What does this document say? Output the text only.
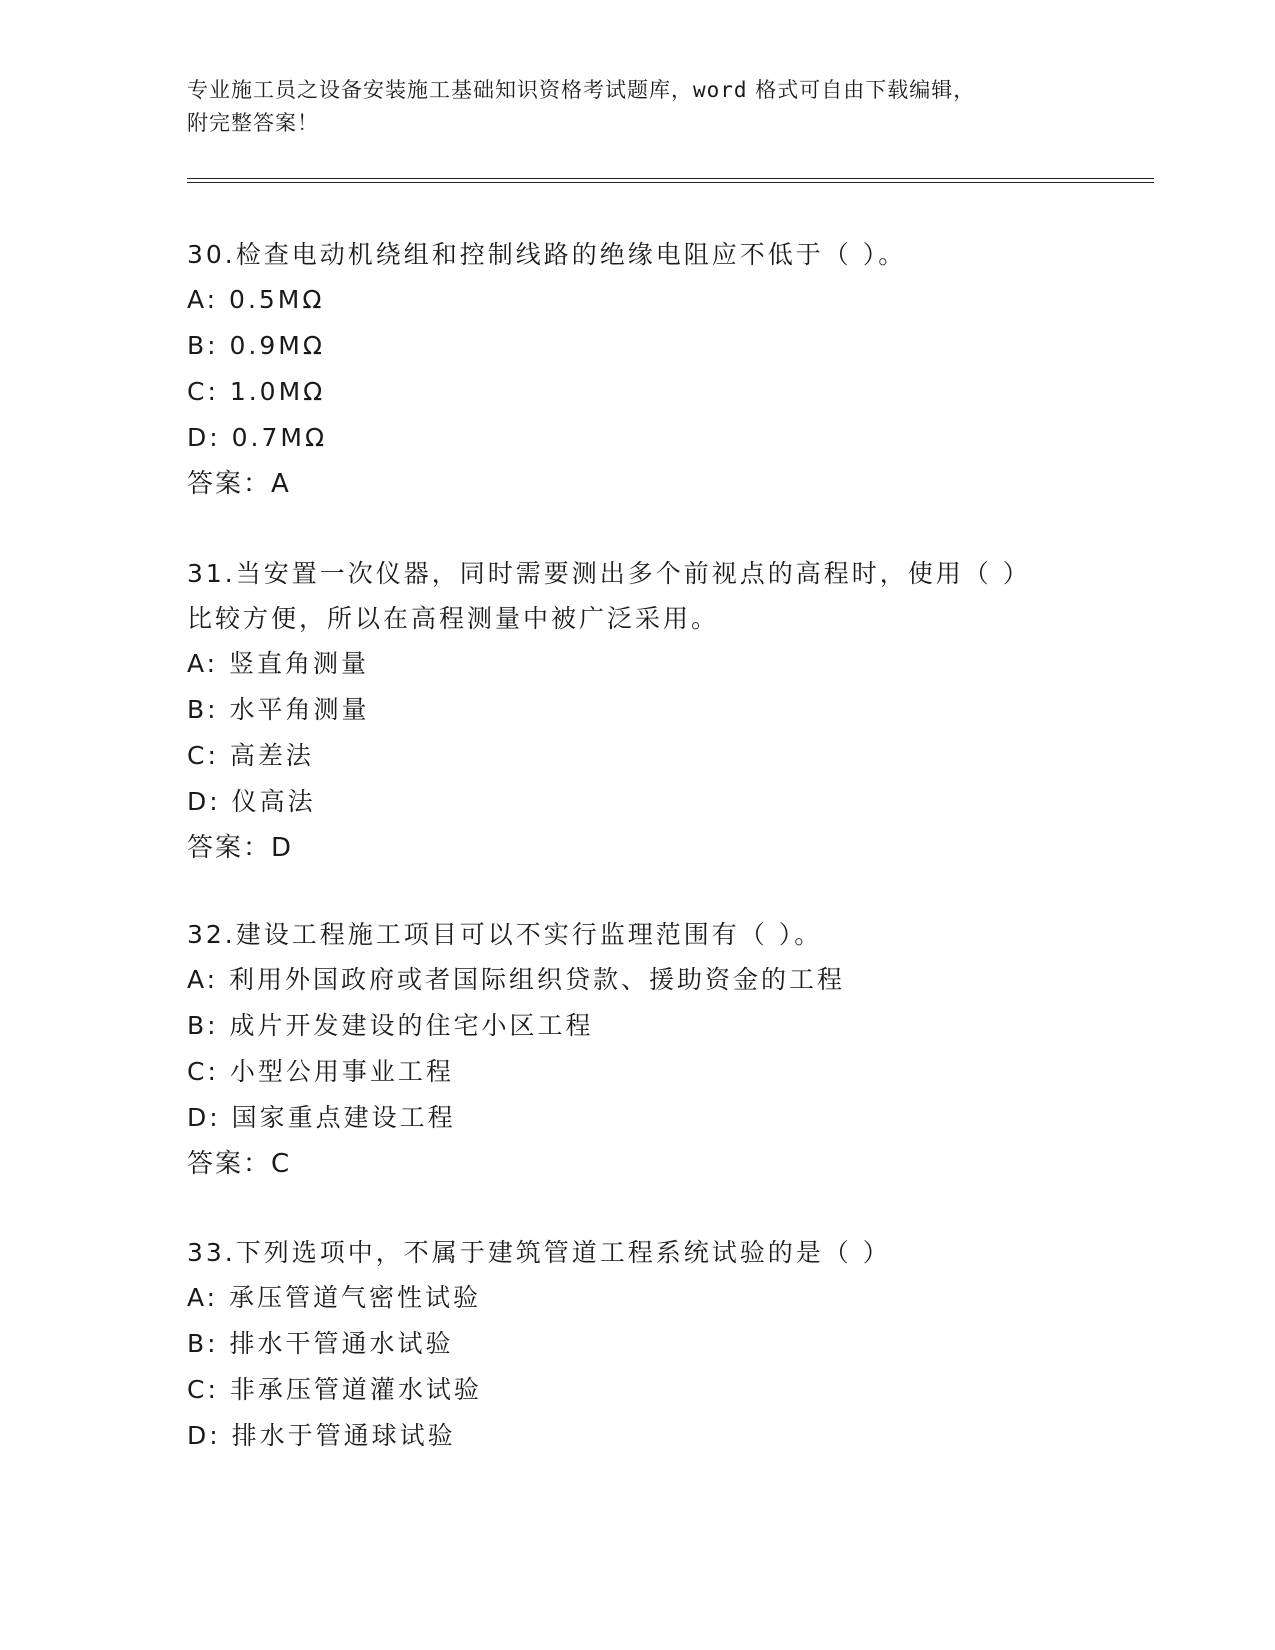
专业施工员之设备安装施工基础知识资格考试题库，word 格式可自由下载编辑，
附完整答案！
30.检查电动机绕组和控制线路的绝缘电阻应不低于（ ）。
A: 0.5MΩ
B: 0.9MΩ
C: 1.0MΩ
D: 0.7MΩ
答案：A
31.当安置一次仪器，同时需要测出多个前视点的高程时，使用（ ）
比较方便，所以在高程测量中被广泛采用。
A: 竖直角测量
B: 水平角测量
C: 高差法
D: 仪高法
答案：D
32.建设工程施工项目可以不实行监理范围有（ ）。
A: 利用外国政府或者国际组织贷款、援助资金的工程
B: 成片开发建设的住宅小区工程
C: 小型公用事业工程
D: 国家重点建设工程
答案：C
33.下列选项中，不属于建筑管道工程系统试验的是（ ）
A: 承压管道气密性试验
B: 排水干管通水试验
C: 非承压管道灌水试验
D: 排水于管通球试验
